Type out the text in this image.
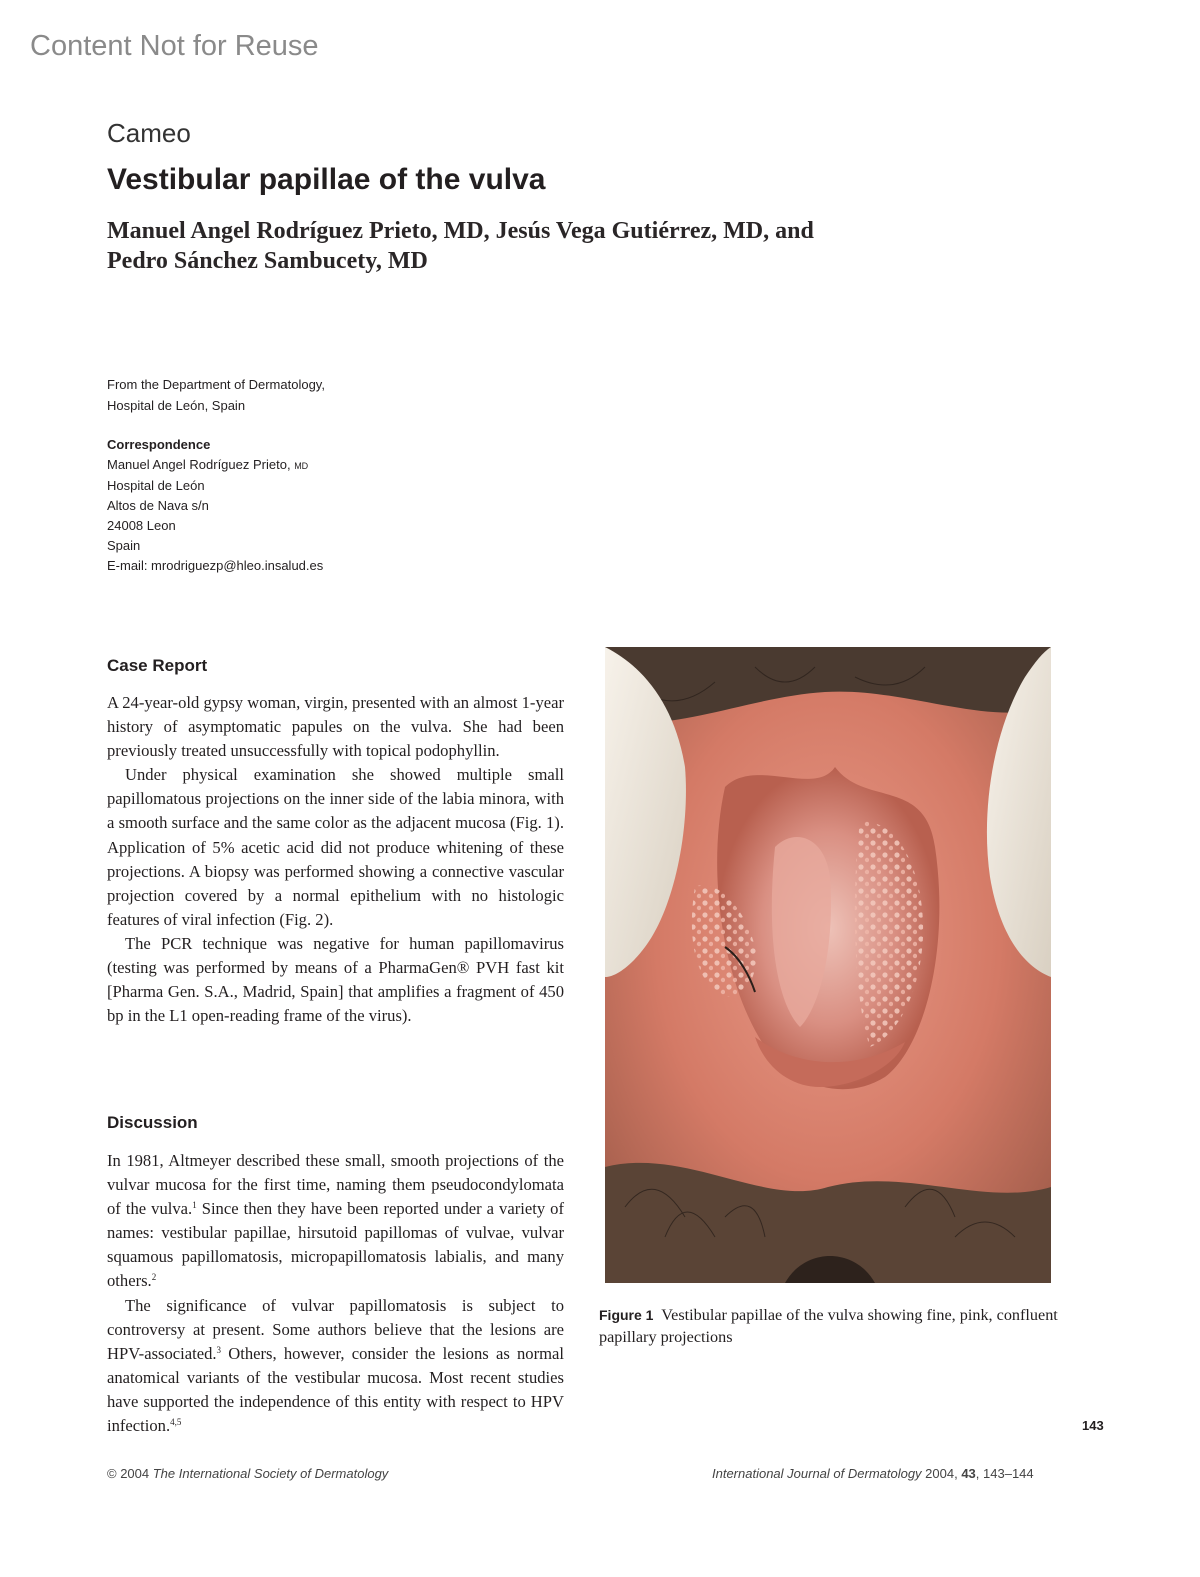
Content Not for Reuse
Cameo
Vestibular papillae of the vulva
Manuel Angel Rodríguez Prieto, MD, Jesús Vega Gutiérrez, MD, and Pedro Sánchez Sambucety, MD
From the Department of Dermatology,
Hospital de León, Spain
Correspondence
Manuel Angel Rodríguez Prieto, MD
Hospital de León
Altos de Nava s/n
24008 Leon
Spain
E-mail: mrodriguezp@hleo.insalud.es
Case Report

A 24-year-old gypsy woman, virgin, presented with an almost 1-year history of asymptomatic papules on the vulva. She had been previously treated unsuccessfully with topical podophyllin.

Under physical examination she showed multiple small papillomatous projections on the inner side of the labia minora, with a smooth surface and the same color as the adjacent mucosa (Fig. 1). Application of 5% acetic acid did not produce whitening of these projections. A biopsy was performed showing a connective vascular projection covered by a normal epithelium with no histologic features of viral infection (Fig. 2).

The PCR technique was negative for human papillomavirus (testing was performed by means of a PharmaGen® PVH fast kit [Pharma Gen. S.A., Madrid, Spain] that amplifies a fragment of 450 bp in the L1 open-reading frame of the virus).

Discussion

In 1981, Altmeyer described these small, smooth projections of the vulvar mucosa for the first time, naming them pseudocondylomata of the vulva.$^1$ Since then they have been reported under a variety of names: vestibular papillae, hirsutoid papillomas of vulvae, vulvar squamous papillomatosis, micropapillomatosis labialis, and many others.$^2$

The significance of vulvar papillomatosis is subject to controversy at present. Some authors believe that the lesions are HPV-associated.$^3$ Others, however, consider the lesions as normal anatomical variants of the vestibular mucosa. Most recent studies have supported the independence of this entity with respect to HPV infection.$^{4,5}$

Figure 1 Vestibular papillae of the vulva showing fine, pink, confluent papillary projections
143
© 2004 The International Society of Dermatology	International Journal of Dermatology 2004, 43, 143–144
